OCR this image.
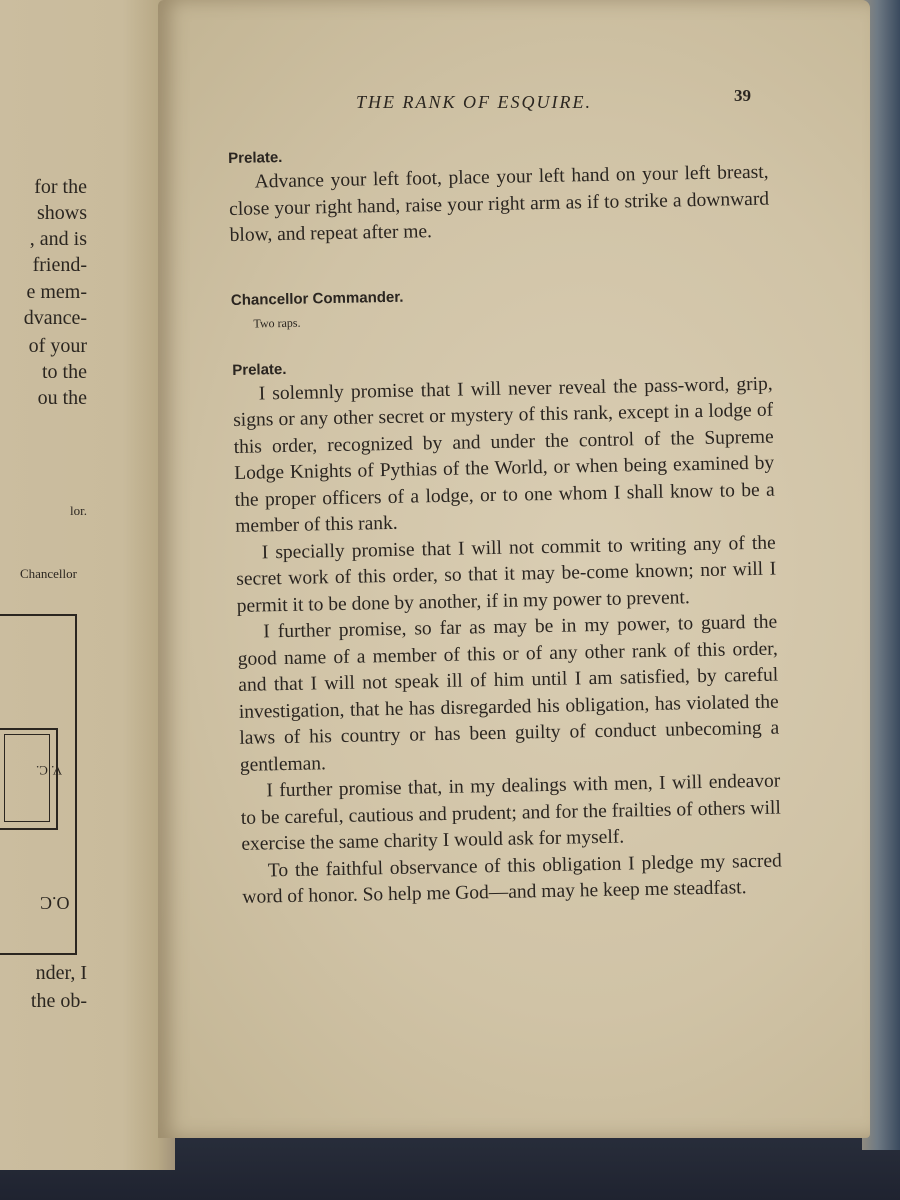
for the
shows
, and is
friend-
e mem-
dvance-
of your
to the
ou the
lor.
Chancellor
V. C.
O.C
nder, I
the ob-
THE RANK OF ESQUIRE.	39

Prelate.

Advance your left foot, place your left hand on your left breast, close your right hand, raise your right arm as if to strike a downward blow, and repeat after me.

Chancellor Commander.

Two raps.

Prelate.

I solemnly promise that I will never reveal the pass-word, grip, signs or any other secret or mystery of this rank, except in a lodge of this order, recognized by and under the control of the Supreme Lodge Knights of Pythias of the World, or when being examined by the proper officers of a lodge, or to one whom I shall know to be a member of this rank.

I specially promise that I will not commit to writing any of the secret work of this order, so that it may be-come known; nor will I permit it to be done by another, if in my power to prevent.

I further promise, so far as may be in my power, to guard the good name of a member of this or of any other rank of this order, and that I will not speak ill of him until I am satisfied, by careful investigation, that he has disregarded his obligation, has violated the laws of his country or has been guilty of conduct unbecoming a gentleman.

I further promise that, in my dealings with men, I will endeavor to be careful, cautious and prudent; and for the frailties of others will exercise the same charity I would ask for myself.

To the faithful observance of this obligation I pledge my sacred word of honor. So help me God—and may he keep me steadfast.
